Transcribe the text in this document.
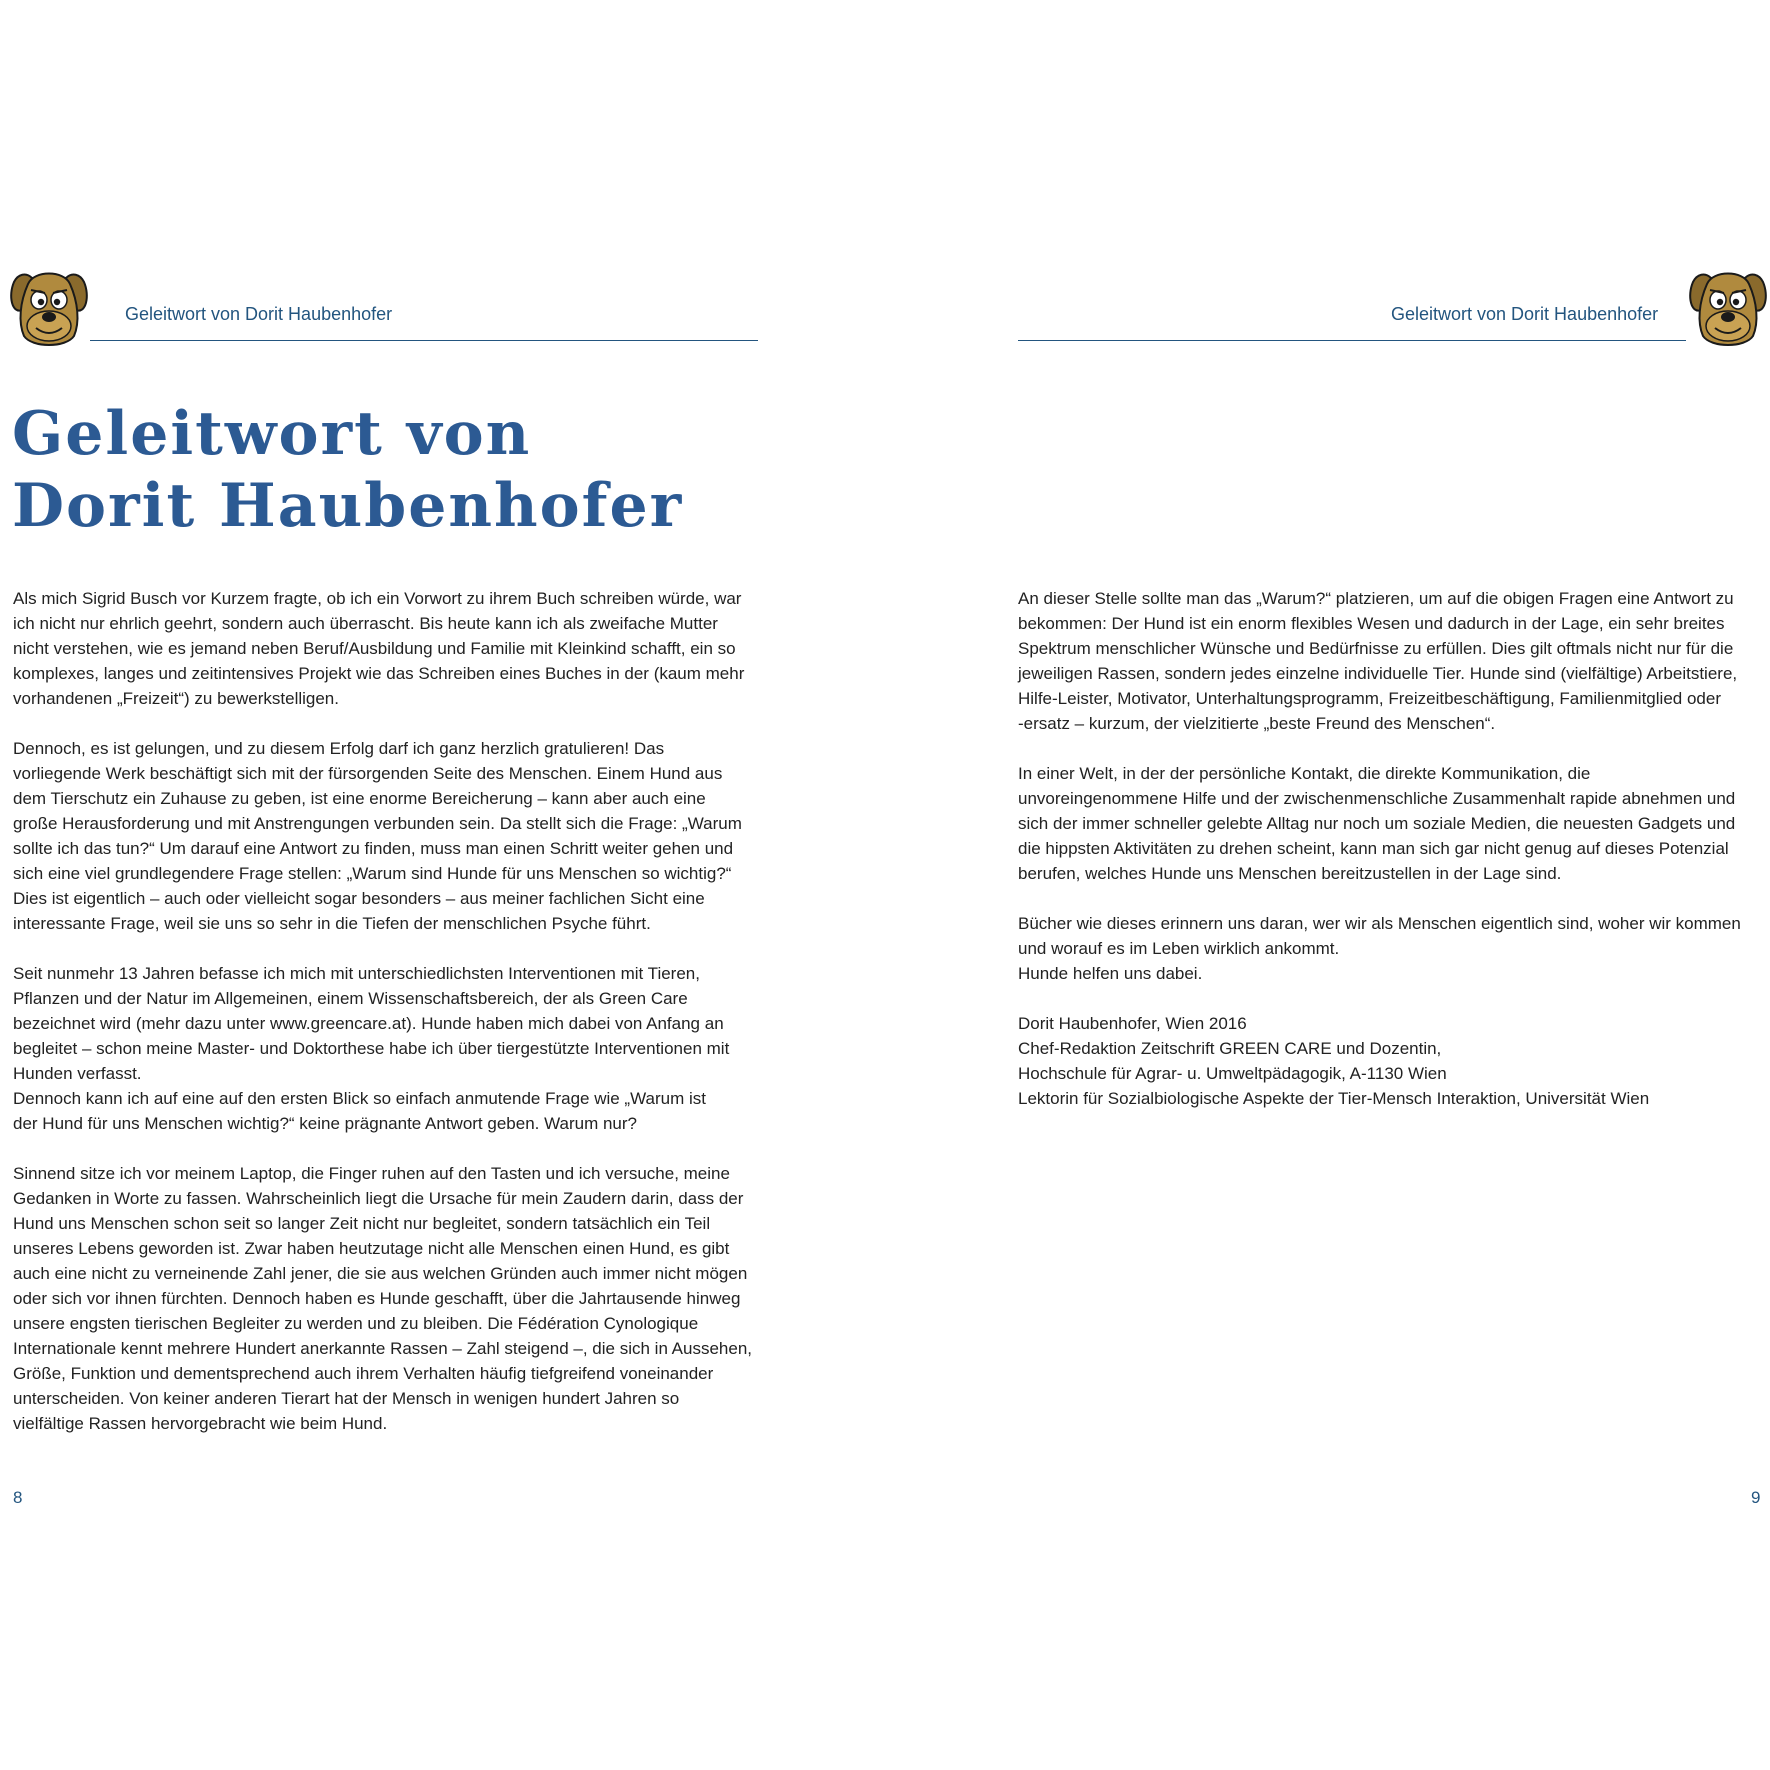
Geleitwort von Dorit Haubenhofer
Geleitwort von
Dorit Haubenhofer

Als mich Sigrid Busch vor Kurzem fragte, ob ich ein Vorwort zu ihrem Buch schreiben würde, war
ich nicht nur ehrlich geehrt, sondern auch überrascht. Bis heute kann ich als zweifache Mutter
nicht verstehen, wie es jemand neben Beruf/Ausbildung und Familie mit Kleinkind schafft, ein so
komplexes, langes und zeitintensives Projekt wie das Schreiben eines Buches in der (kaum mehr
vorhandenen „Freizeit“) zu bewerkstelligen.

Dennoch, es ist gelungen, und zu diesem Erfolg darf ich ganz herzlich gratulieren! Das
vorliegende Werk beschäftigt sich mit der fürsorgenden Seite des Menschen. Einem Hund aus
dem Tierschutz ein Zuhause zu geben, ist eine enorme Bereicherung – kann aber auch eine
große Herausforderung und mit Anstrengungen verbunden sein. Da stellt sich die Frage: „Warum
sollte ich das tun?“ Um darauf eine Antwort zu finden, muss man einen Schritt weiter gehen und
sich eine viel grundlegendere Frage stellen: „Warum sind Hunde für uns Menschen so wichtig?“
Dies ist eigentlich – auch oder vielleicht sogar besonders – aus meiner fachlichen Sicht eine
interessante Frage, weil sie uns so sehr in die Tiefen der menschlichen Psyche führt.

Seit nunmehr 13 Jahren befasse ich mich mit unterschiedlichsten Interventionen mit Tieren,
Pflanzen und der Natur im Allgemeinen, einem Wissenschaftsbereich, der als Green Care
bezeichnet wird (mehr dazu unter www.greencare.at). Hunde haben mich dabei von Anfang an
begleitet – schon meine Master- und Doktorthese habe ich über tiergestützte Interventionen mit
Hunden verfasst.
Dennoch kann ich auf eine auf den ersten Blick so einfach anmutende Frage wie „Warum ist
der Hund für uns Menschen wichtig?“ keine prägnante Antwort geben. Warum nur?

Sinnend sitze ich vor meinem Laptop, die Finger ruhen auf den Tasten und ich versuche, meine
Gedanken in Worte zu fassen. Wahrscheinlich liegt die Ursache für mein Zaudern darin, dass der
Hund uns Menschen schon seit so langer Zeit nicht nur begleitet, sondern tatsächlich ein Teil
unseres Lebens geworden ist. Zwar haben heutzutage nicht alle Menschen einen Hund, es gibt
auch eine nicht zu verneinende Zahl jener, die sie aus welchen Gründen auch immer nicht mögen
oder sich vor ihnen fürchten. Dennoch haben es Hunde geschafft, über die Jahrtausende hinweg
unsere engsten tierischen Begleiter zu werden und zu bleiben. Die Fédération Cynologique
Internationale kennt mehrere Hundert anerkannte Rassen – Zahl steigend –, die sich in Aussehen,
Größe, Funktion und dementsprechend auch ihrem Verhalten häufig tiefgreifend voneinander
unterscheiden. Von keiner anderen Tierart hat der Mensch in wenigen hundert Jahren so
vielfältige Rassen hervorgebracht wie beim Hund.

8
Geleitwort von Dorit Haubenhofer

An dieser Stelle sollte man das „Warum?“ platzieren, um auf die obigen Fragen eine Antwort zu
bekommen: Der Hund ist ein enorm flexibles Wesen und dadurch in der Lage, ein sehr breites
Spektrum menschlicher Wünsche und Bedürfnisse zu erfüllen. Dies gilt oftmals nicht nur für die
jeweiligen Rassen, sondern jedes einzelne individuelle Tier. Hunde sind (vielfältige) Arbeitstiere,
Hilfe-Leister, Motivator, Unterhaltungsprogramm, Freizeitbeschäftigung, Familienmitglied oder
-ersatz – kurzum, der vielzitierte „beste Freund des Menschen“.

In einer Welt, in der der persönliche Kontakt, die direkte Kommunikation, die
unvoreingenommene Hilfe und der zwischenmenschliche Zusammenhalt rapide abnehmen und
sich der immer schneller gelebte Alltag nur noch um soziale Medien, die neuesten Gadgets und
die hippsten Aktivitäten zu drehen scheint, kann man sich gar nicht genug auf dieses Potenzial
berufen, welches Hunde uns Menschen bereitzustellen in der Lage sind.

Bücher wie dieses erinnern uns daran, wer wir als Menschen eigentlich sind, woher wir kommen
und worauf es im Leben wirklich ankommt.
Hunde helfen uns dabei.

Dorit Haubenhofer, Wien 2016
Chef-Redaktion Zeitschrift GREEN CARE und Dozentin,
Hochschule für Agrar- u. Umweltpädagogik, A-1130 Wien
Lektorin für Sozialbiologische Aspekte der Tier-Mensch Interaktion, Universität Wien

9
